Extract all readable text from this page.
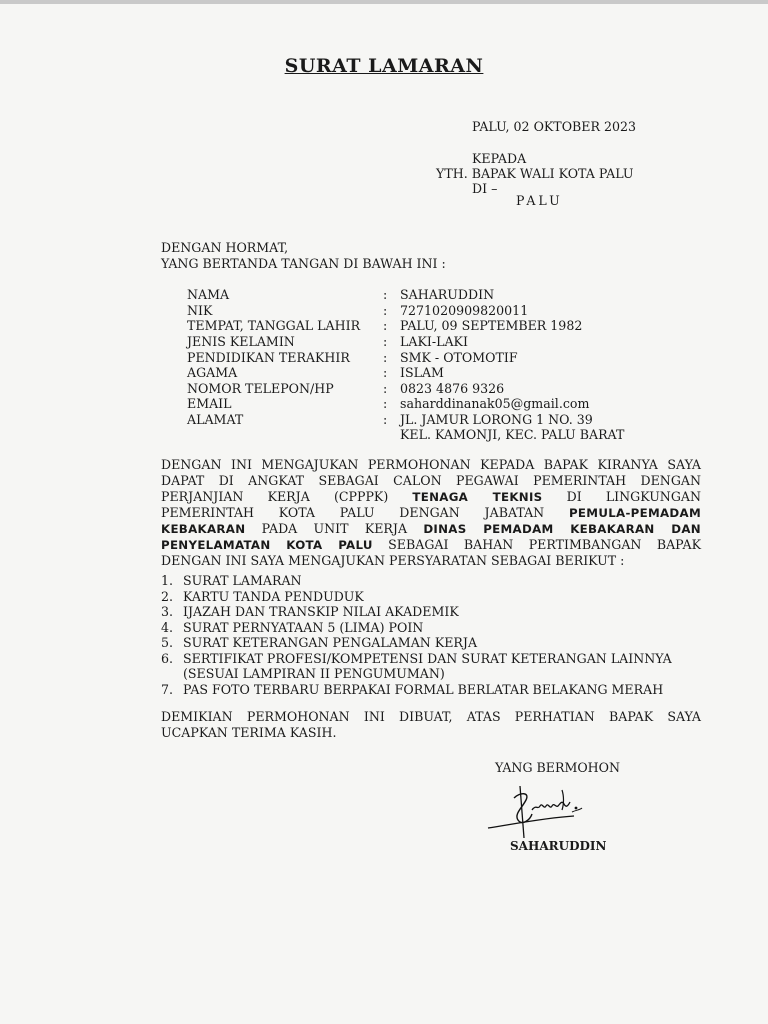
SURAT LAMARAN
PALU, 02 OKTOBER 2023
KEPADA
YTH. BAPAK WALI KOTA PALU
DI –
PALU
DENGAN HORMAT,
YANG BERTANDA TANGAN DI BAWAH INI :
NAMA	: SAHARUDDIN
NIK	: 7271020909820011
TEMPAT, TANGGAL LAHIR	: PALU, 09 SEPTEMBER 1982
JENIS KELAMIN	: LAKI-LAKI
PENDIDIKAN TERAKHIR	: SMK - OTOMOTIF
AGAMA	: ISLAM
NOMOR TELEPON/HP	: 0823 4876 9326
EMAIL	: saharddinanak05@gmail.com
ALAMAT	: JL. JAMUR LORONG 1 NO. 39
KEL. KAMONJI, KEC. PALU BARAT
DENGAN INI MENGAJUKAN PERMOHONAN KEPADA BAPAK KIRANYA SAYA
DAPAT DI ANGKAT SEBAGAI CALON PEGAWAI PEMERINTAH DENGAN
PERJANJIAN KERJA (CPPPK) TENAGA TEKNIS DI LINGKUNGAN
PEMERINTAH KOTA PALU DENGAN JABATAN PEMULA-PEMADAM
KEBAKARAN PADA UNIT KERJA DINAS PEMADAM KEBAKARAN DAN
PENYELAMATAN KOTA PALU SEBAGAI BAHAN PERTIMBANGAN BAPAK
DENGAN INI SAYA MENGAJUKAN PERSYARATAN SEBAGAI BERIKUT :
1. SURAT LAMARAN
2. KARTU TANDA PENDUDUK
3. IJAZAH DAN TRANSKIP NILAI AKADEMIK
4. SURAT PERNYATAAN 5 (LIMA) POIN
5. SURAT KETERANGAN PENGALAMAN KERJA
6. SERTIFIKAT PROFESI/KOMPETENSI DAN SURAT KETERANGAN LAINNYA
(SESUAI LAMPIRAN II PENGUMUMAN)
7. PAS FOTO TERBARU BERPAKAI FORMAL BERLATAR BELAKANG MERAH
DEMIKIAN PERMOHONAN INI DIBUAT, ATAS PERHATIAN BAPAK SAYA
UCAPKAN TERIMA KASIH.
YANG BERMOHON
SAHARUDDIN
